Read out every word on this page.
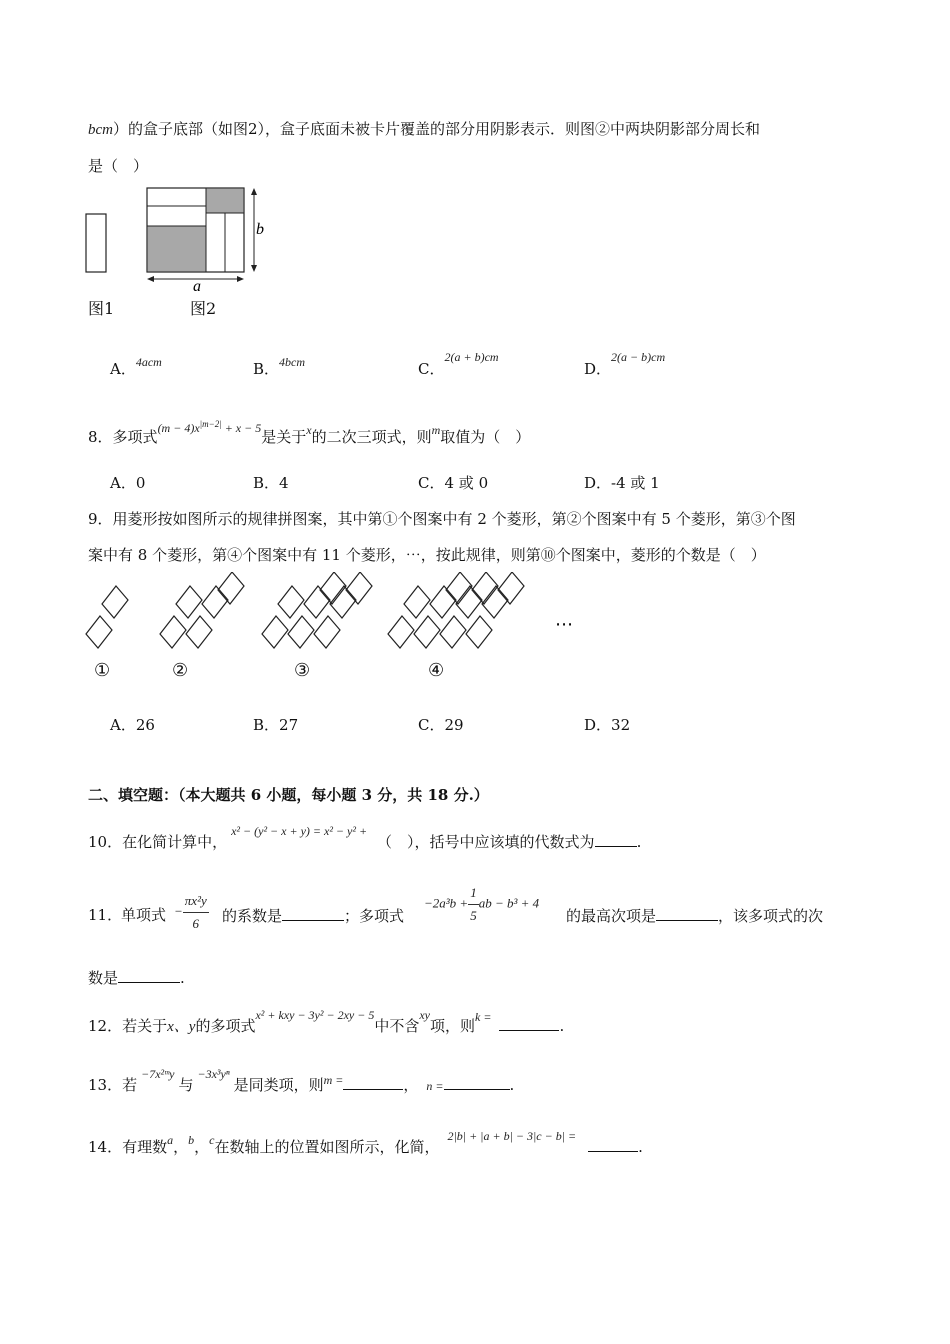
bcm）的盒子底部（如图2），盒子底面未被卡片覆盖的部分用阴影表示．则图②中两块阴影部分周长和
是（　）
b
a
图1	图2
A．$^{4acm}$	B．$^{4bcm}$	C．$^{2(a + b)cm}$
D．$^{2(a - b)cm}$
8．多项式$^{(m - 4)x^{|m-2|} + x - 5}$是关于$^x$的二次三项式，则$^m$取值为（　）
A．0	B．4	C．4 或 0	D．-4 或 1
9．用菱形按如图所示的规律拼图案，其中第①个图案中有 2 个菱形，第②个图案中有 5 个菱形，第③个图
案中有 8 个菱形，第④个图案中有 11 个菱形，⋯，按此规律，则第⑩个图案中，菱形的个数是（　）
⋯
①	②	③	④
A．26	B．27	C．29	D．32
二、填空题：（本大题共 6 小题，每小题 3 分，共 18 分.）
10．在化简计算中，$^{x^2 - (y^2 - x + y) = x^2 - y^2 +}$（　），括号中应该填的代数式为	.
11．
单项式 − $\frac{\text{πx²y}}{6}$ 的系数是	；多项式
$-2a^3b + \frac{1}{5}$ ab − b³ + 4
的最高次项是	，该多项式的次
数是	.
12．若关于x、y的多项式$^{x^2 + kxy - 3y^2 - 2xy - 5}$中不含$^{xy}$项，则$^{k =}$	.
13．若$^{-7x^2ᵐy}$与$^{-3x^3y^n}$是同类项，则$^{m =}$	， n =	.
14．有理数$^a$，$^b$，$^c$在数轴上的位置如图所示，化简，$^{2|b| + |a + b| - 3|c - b| =}$.
